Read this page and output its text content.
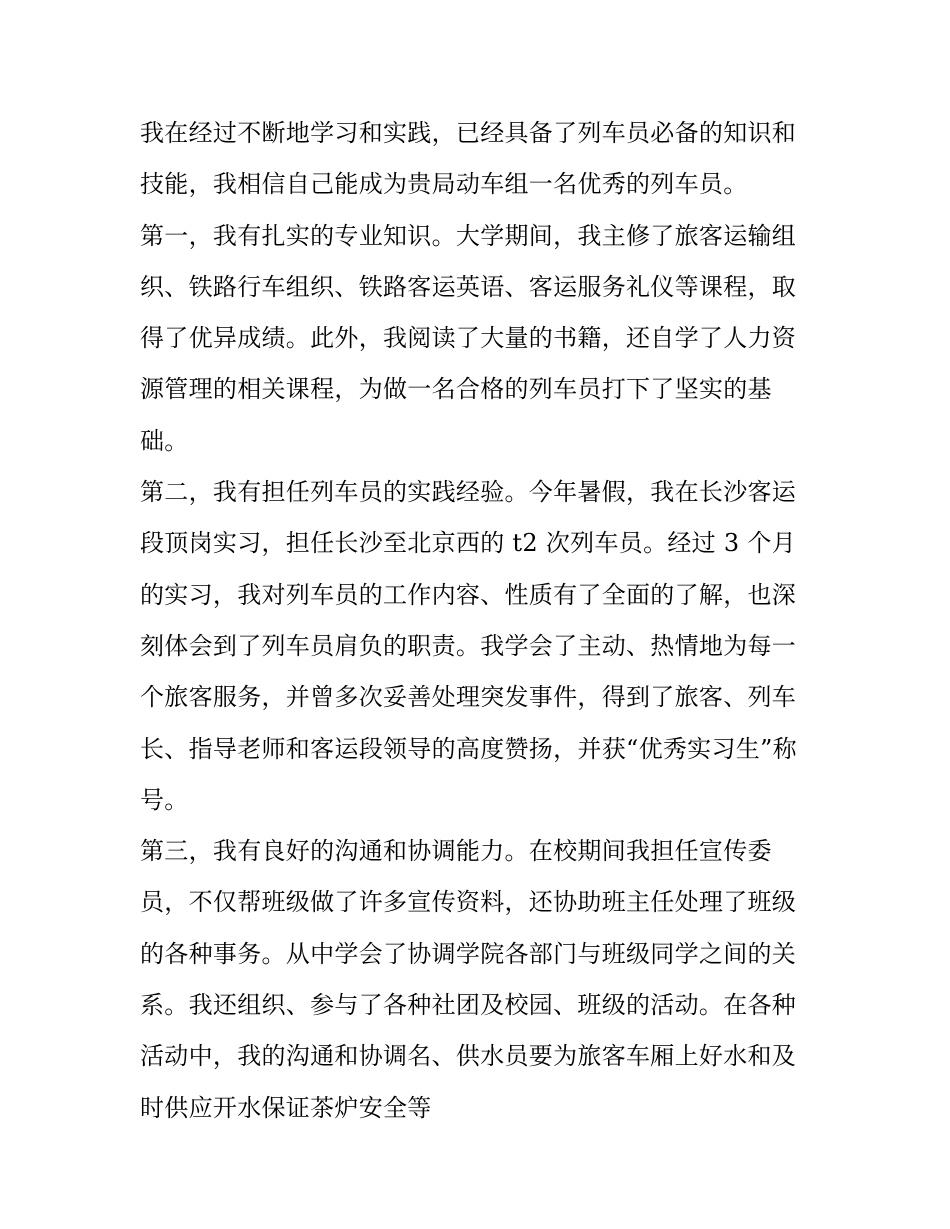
我在经过不断地学习和实践，已经具备了列车员必备的知识和
技能，我相信自己能成为贵局动车组一名优秀的列车员。
第一，我有扎实的专业知识。大学期间，我主修了旅客运输组
织、铁路行车组织、铁路客运英语、客运服务礼仪等课程，取
得了优异成绩。此外，我阅读了大量的书籍，还自学了人力资
源管理的相关课程，为做一名合格的列车员打下了坚实的基
础。
第二，我有担任列车员的实践经验。今年暑假，我在长沙客运
段顶岗实习，担任长沙至北京西的 t2 次列车员。经过 3 个月
的实习，我对列车员的工作内容、性质有了全面的了解，也深
刻体会到了列车员肩负的职责。我学会了主动、热情地为每一
个旅客服务，并曾多次妥善处理突发事件，得到了旅客、列车
长、指导老师和客运段领导的高度赞扬，并获“优秀实习生”称
号。
第三，我有良好的沟通和协调能力。在校期间我担任宣传委
员，不仅帮班级做了许多宣传资料，还协助班主任处理了班级
的各种事务。从中学会了协调学院各部门与班级同学之间的关
系。我还组织、参与了各种社团及校园、班级的活动。在各种
活动中，我的沟通和协调名、供水员要为旅客车厢上好水和及
时供应开水保证茶炉安全等
